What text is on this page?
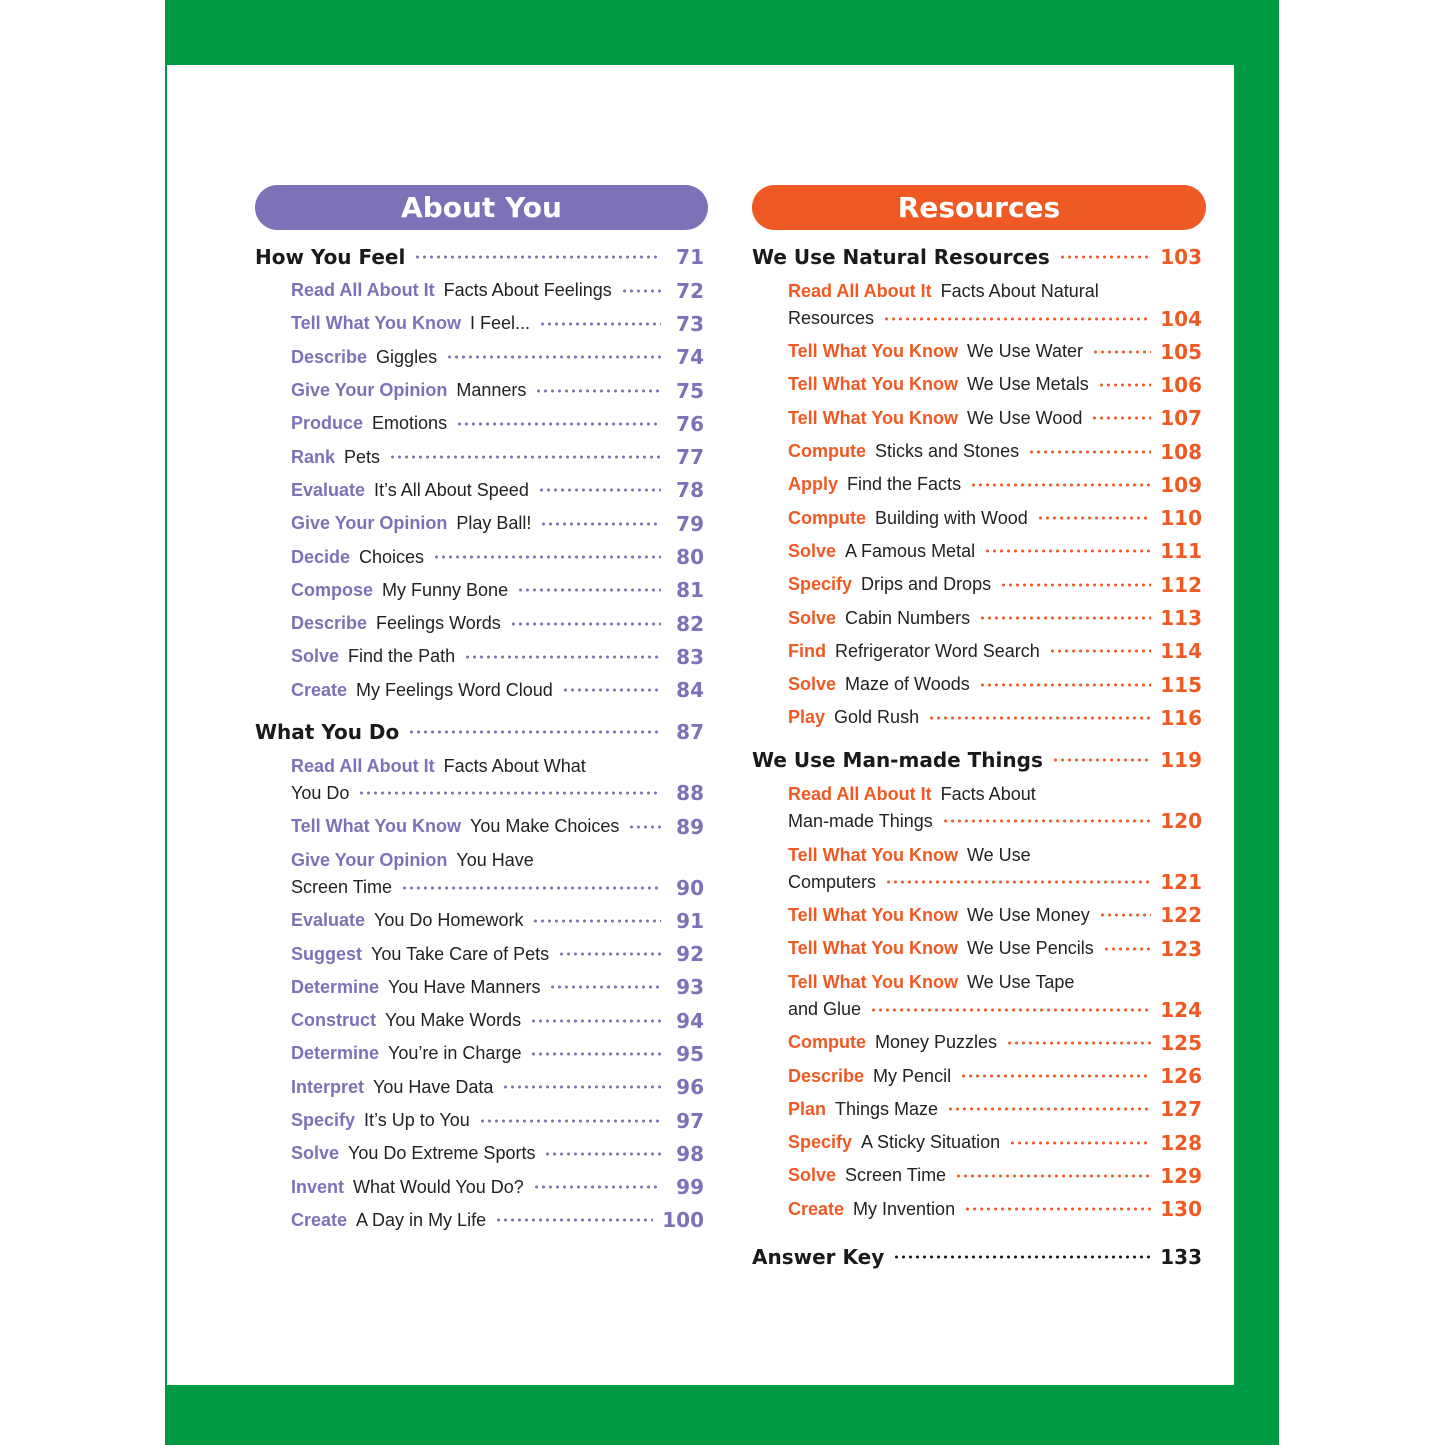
About You
How You Feel	71
Read All About It Facts About Feelings	72
Tell What You Know I Feel...	73
Describe Giggles	74
Give Your Opinion Manners	75
Produce Emotions	76
Rank Pets	77
Evaluate It’s All About Speed	78
Give Your Opinion Play Ball!	79
Decide Choices	80
Compose My Funny Bone	81
Describe Feelings Words	82
Solve Find the Path	83
Create My Feelings Word Cloud	84
What You Do	87
Read All About It Facts About What
You Do	88
Tell What You Know You Make Choices	89
Give Your Opinion You Have
Screen Time	90
Evaluate You Do Homework	91
Suggest You Take Care of Pets	92
Determine You Have Manners	93
Construct You Make Words	94
Determine You’re in Charge	95
Interpret You Have Data	96
Specify It’s Up to You	97
Solve You Do Extreme Sports	98
Invent What Would You Do?	99
Create A Day in My Life	100
Resources
We Use Natural Resources	103
Read All About It Facts About Natural
Resources	104
Tell What You Know We Use Water	105
Tell What You Know We Use Metals	106
Tell What You Know We Use Wood	107
Compute Sticks and Stones	108
Apply Find the Facts	109
Compute Building with Wood	110
Solve A Famous Metal	111
Specify Drips and Drops	112
Solve Cabin Numbers	113
Find Refrigerator Word Search	114
Solve Maze of Woods	115
Play Gold Rush	116
We Use Man-made Things	119
Read All About It Facts About
Man-made Things	120
Tell What You Know We Use
Computers	121
Tell What You Know We Use Money	122
Tell What You Know We Use Pencils	123
Tell What You Know We Use Tape
and Glue	124
Compute Money Puzzles	125
Describe My Pencil	126
Plan Things Maze	127
Specify A Sticky Situation	128
Solve Screen Time	129
Create My Invention	130
Answer Key	133
